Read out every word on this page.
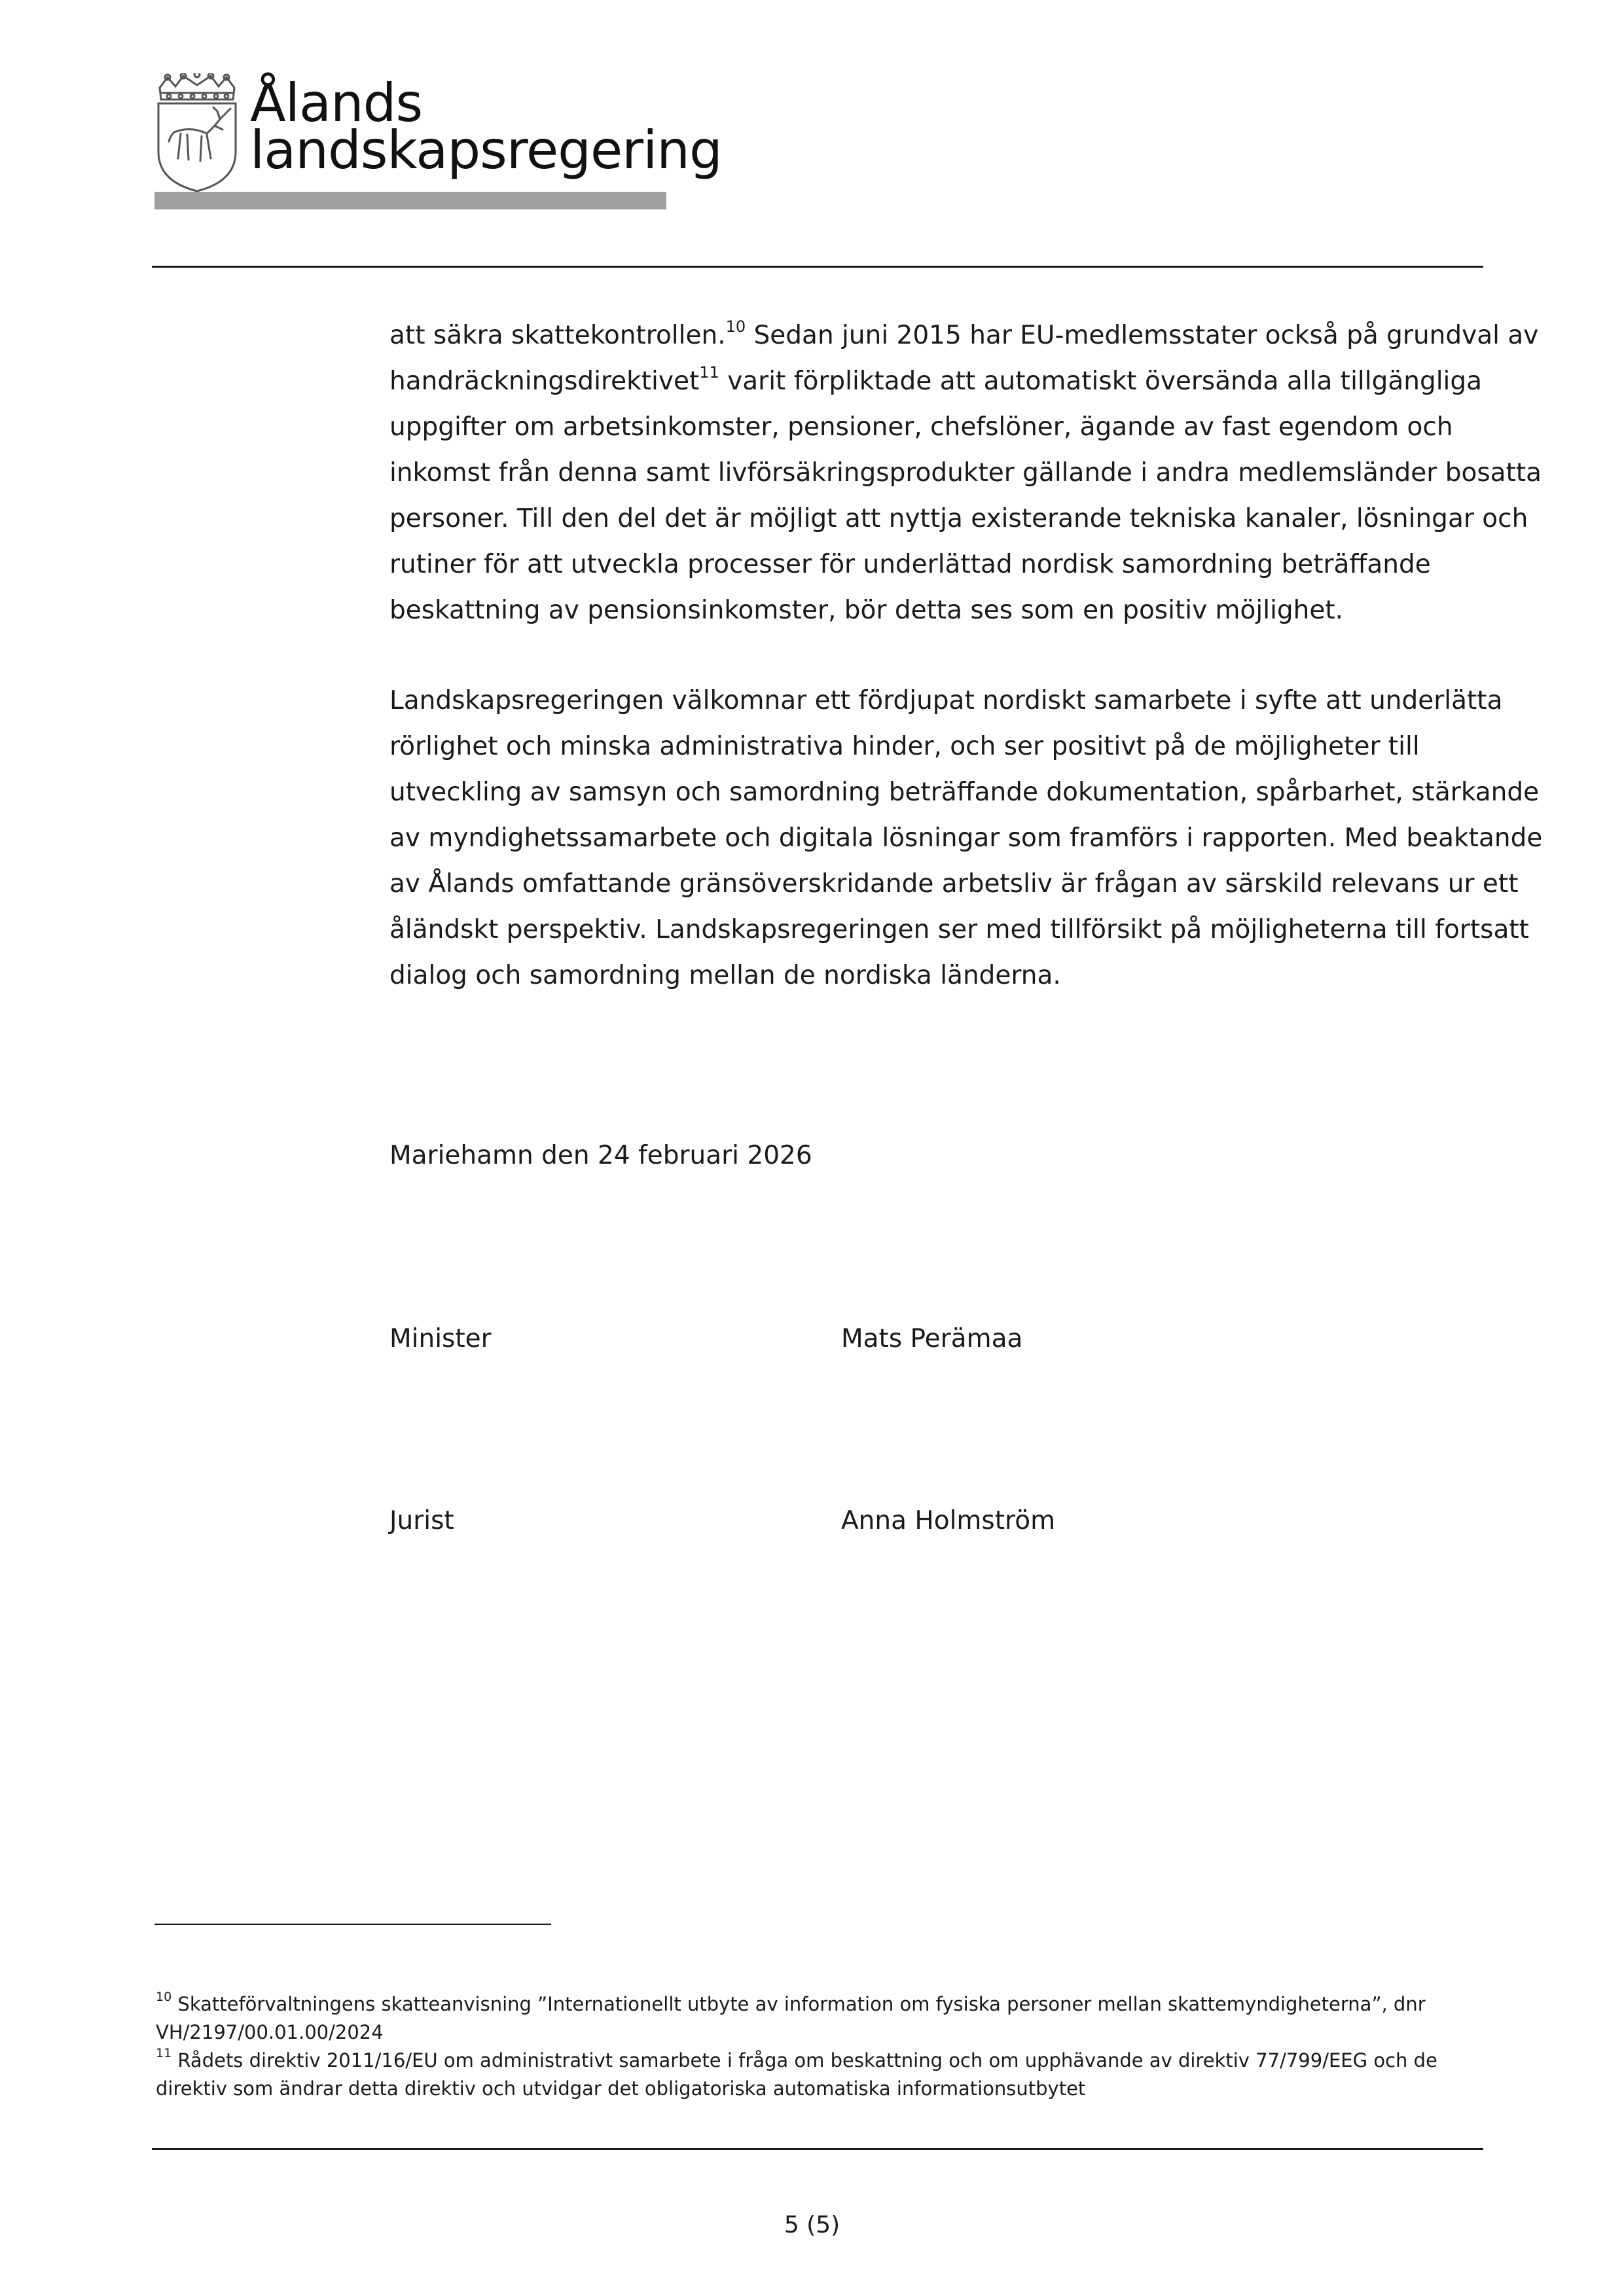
Ålands
landskapsregering
att säkra skattekontrollen.$^{10}$ Sedan juni 2015 har EU-medlemsstater också på grundval av
handräckningsdirektivet$^{11}$ varit förpliktade att automatiskt översända alla tillgängliga
uppgifter om arbetsinkomster, pensioner, chefslöner, ägande av fast egendom och
inkomst från denna samt livförsäkringsprodukter gällande i andra medlemsländer bosatta
personer. Till den del det är möjligt att nyttja existerande tekniska kanaler, lösningar och
rutiner för att utveckla processer för underlättad nordisk samordning beträffande
beskattning av pensionsinkomster, bör detta ses som en positiv möjlighet.
Landskapsregeringen välkomnar ett fördjupat nordiskt samarbete i syfte att underlätta
rörlighet och minska administrativa hinder, och ser positivt på de möjligheter till
utveckling av samsyn och samordning beträffande dokumentation, spårbarhet, stärkande
av myndighetssamarbete och digitala lösningar som framförs i rapporten. Med beaktande
av Ålands omfattande gränsöverskridande arbetsliv är frågan av särskild relevans ur ett
åländskt perspektiv. Landskapsregeringen ser med tillförsikt på möjligheterna till fortsatt
dialog och samordning mellan de nordiska länderna.
Mariehamn den 24 februari 2026
Minister	Mats Perämaa
Jurist	Anna Holmström
$^{10}$ Skatteförvaltningens skatteanvisning ”Internationellt utbyte av information om fysiska personer mellan skattemyndigheterna”, dnr
VH/2197/00.01.00/2024
$^{11}$ Rådets direktiv 2011/16/EU om administrativt samarbete i fråga om beskattning och om upphävande av direktiv 77/799/EEG och de
direktiv som ändrar detta direktiv och utvidgar det obligatoriska automatiska informationsutbytet
5 (5)
